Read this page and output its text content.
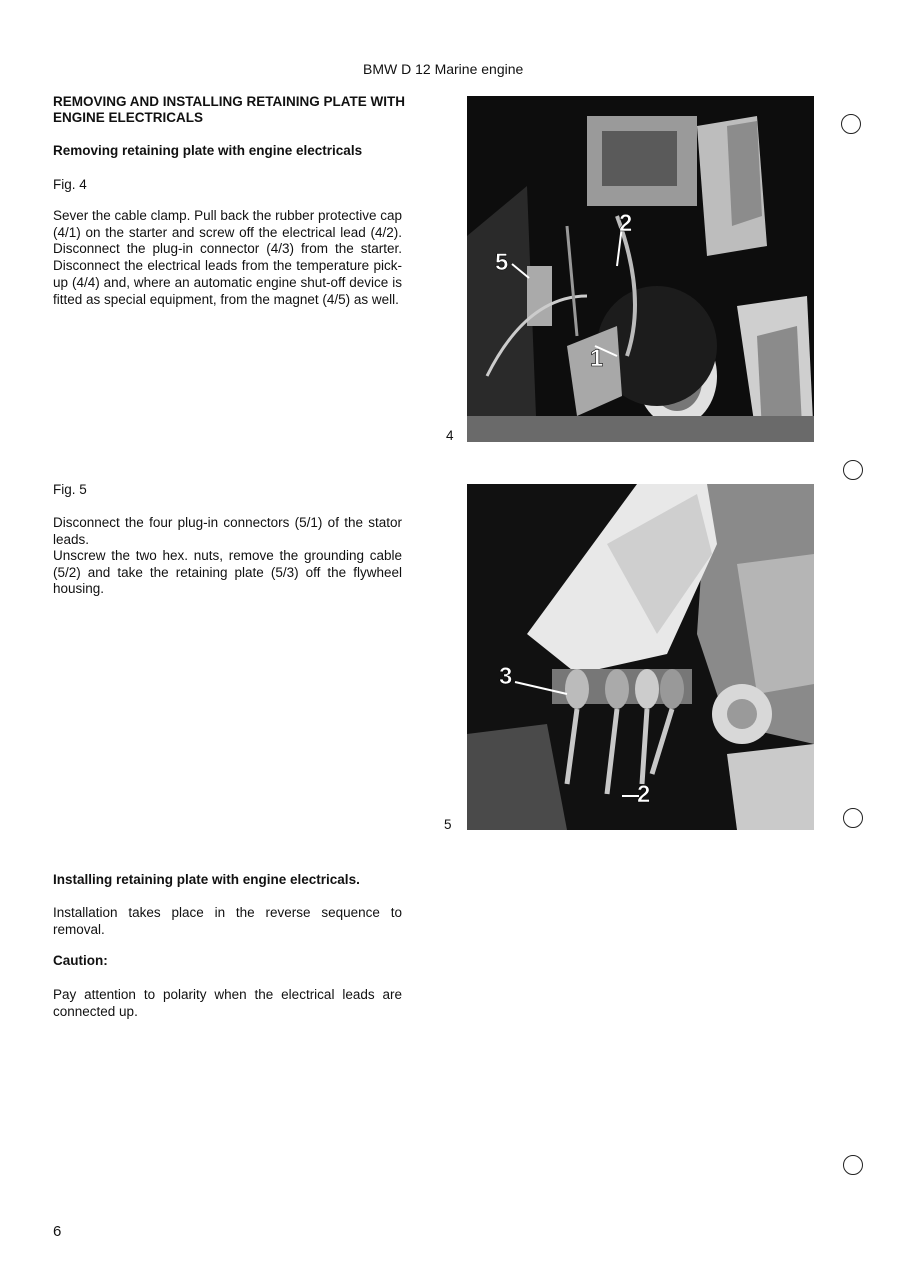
BMW D 12 Marine engine
REMOVING AND INSTALLING RETAINING PLATE WITH ENGINE ELECTRICALS
Removing retaining plate with engine electricals
Fig. 4
Sever the cable clamp. Pull back the rubber protective cap (4/1) on the starter and screw off the electrical lead (4/2). Disconnect the plug-in connector (4/3) from the starter. Disconnect the electrical leads from the temperature pick-up (4/4) and, where an automatic engine shut-off device is fitted as special equipment, from the magnet (4/5) as well.
Fig. 5
Disconnect the four plug-in connectors (5/1) of the stator leads.
Unscrew the two hex. nuts, remove the grounding cable (5/2) and take the retaining plate (5/3) off the flywheel housing.
Installing retaining plate with engine electricals.
Installation takes place in the reverse sequence to removal.
Caution:
Pay attention to polarity when the electrical leads are connected up.
1
2
5
4
3
2
5
6
